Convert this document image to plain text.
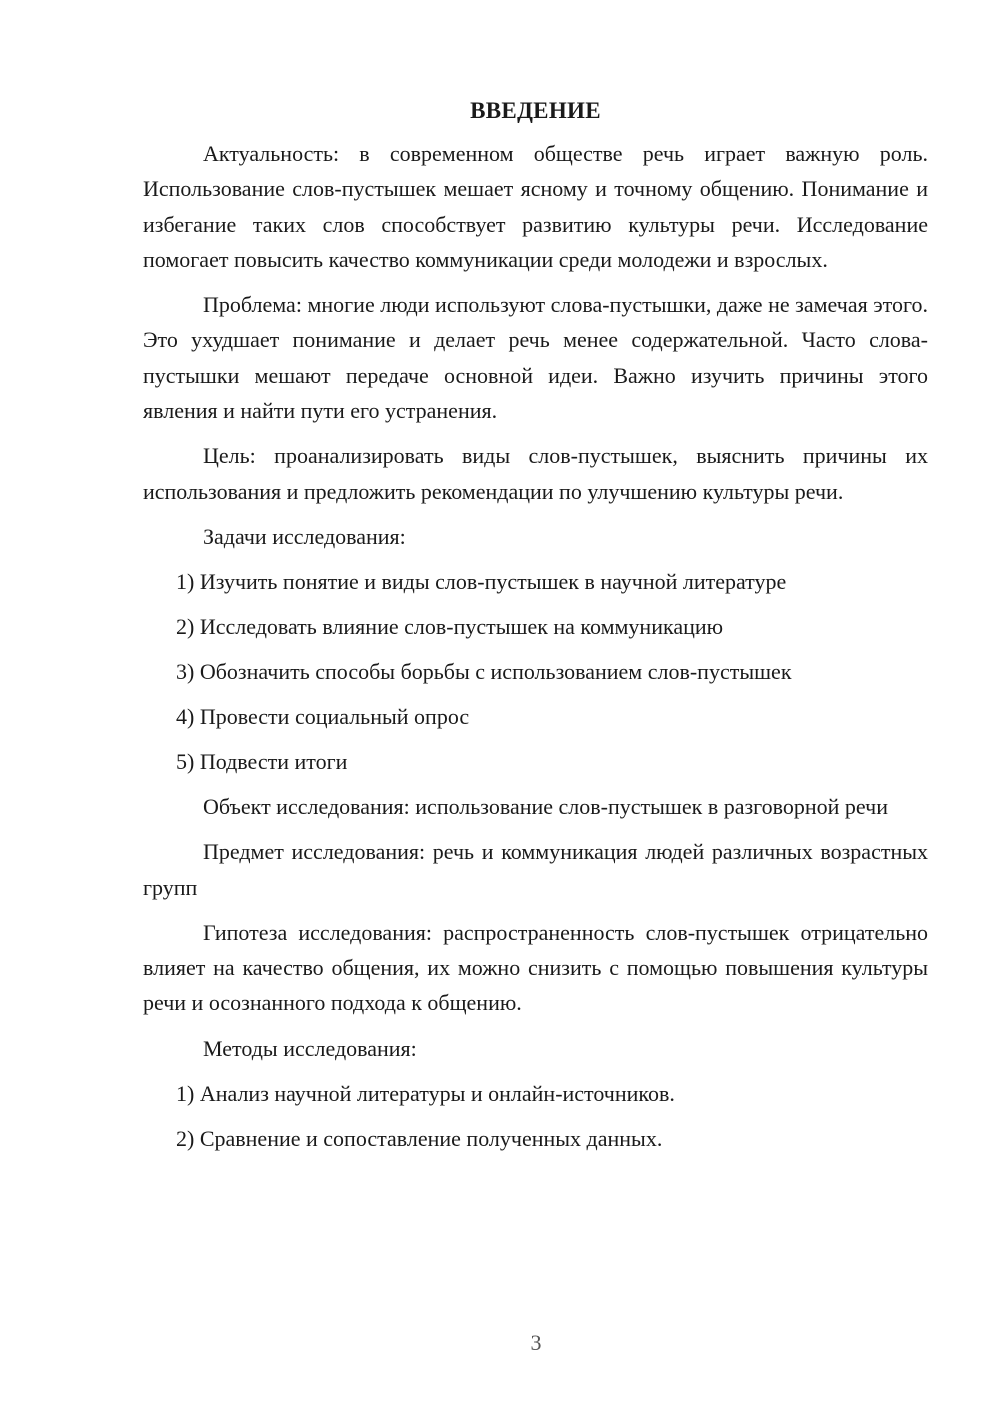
ВВЕДЕНИЕ

Актуальность: в современном обществе речь играет важную роль. Использование слов-пустышек мешает ясному и точному общению. Понимание и избегание таких слов способствует развитию культуры речи. Исследование помогает повысить качество коммуникации среди молодежи и взрослых.

Проблема: многие люди используют слова-пустышки, даже не замечая этого. Это ухудшает понимание и делает речь менее содержательной. Часто слова-пустышки мешают передаче основной идеи. Важно изучить причины этого явления и найти пути его устранения.

Цель: проанализировать виды слов-пустышек, выяснить причины их использования и предложить рекомендации по улучшению культуры речи.

Задачи исследования:
1) Изучить понятие и виды слов-пустышек в научной литературе
2) Исследовать влияние слов-пустышек на коммуникацию
3) Обозначить способы борьбы с использованием слов-пустышек
4) Провести социальный опрос
5) Подвести итоги

Объект исследования: использование слов-пустышек в разговорной речи

Предмет исследования: речь и коммуникация людей различных возрастных групп

Гипотеза исследования: распространенность слов-пустышек отрицательно влияет на качество общения, их можно снизить с помощью повышения культуры речи и осознанного подхода к общению.

Методы исследования:
1) Анализ научной литературы и онлайн-источников.
2) Сравнение и сопоставление полученных данных.
3
